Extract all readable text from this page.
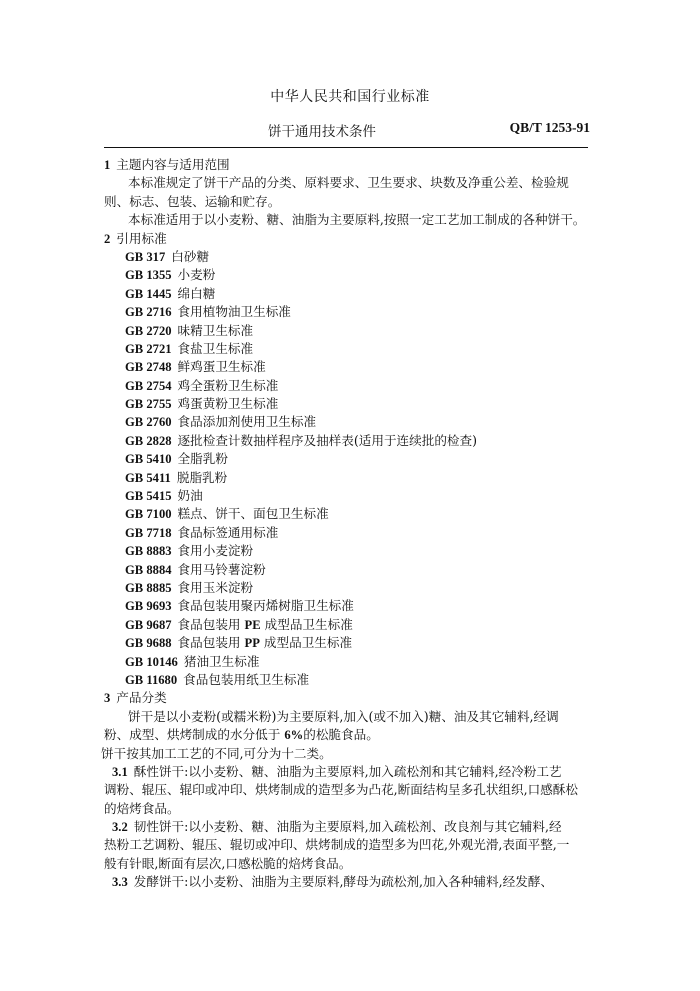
中华人民共和国行业标准
饼干通用技术条件	QB/T 1253-91
1 主题内容与适用范围
本标准规定了饼干产品的分类、原料要求、卫生要求、块数及净重公差、检验规
则、标志、包装、运输和贮存。
本标准适用于以小麦粉、糖、油脂为主要原料,按照一定工艺加工制成的各种饼干。
2 引用标准
GB 317 白砂糖
GB 1355 小麦粉
GB 1445 绵白糖
GB 2716 食用植物油卫生标准
GB 2720 味精卫生标准
GB 2721 食盐卫生标准
GB 2748 鲜鸡蛋卫生标准
GB 2754 鸡全蛋粉卫生标准
GB 2755 鸡蛋黄粉卫生标准
GB 2760 食品添加剂使用卫生标准
GB 2828 逐批检查计数抽样程序及抽样表(适用于连续批的检查)
GB 5410 全脂乳粉
GB 5411 脱脂乳粉
GB 5415 奶油
GB 7100 糕点、饼干、面包卫生标准
GB 7718 食品标签通用标准
GB 8883 食用小麦淀粉
GB 8884 食用马铃薯淀粉
GB 8885 食用玉米淀粉
GB 9693 食品包装用聚丙烯树脂卫生标准
GB 9687 食品包装用 PE 成型品卫生标准
GB 9688 食品包装用 PP 成型品卫生标准
GB 10146 猪油卫生标准
GB 11680 食品包装用纸卫生标准
3 产品分类
饼干是以小麦粉(或糯米粉)为主要原料,加入(或不加入)糖、油及其它辅料,经调
粉、成型、烘烤制成的水分低于 6%的松脆食品。
饼干按其加工工艺的不同,可分为十二类。
3.1 酥性饼干:以小麦粉、糖、油脂为主要原料,加入疏松剂和其它辅料,经冷粉工艺
调粉、辊压、辊印或冲印、烘烤制成的造型多为凸花,断面结构呈多孔状组织,口感酥松
的焙烤食品。
3.2 韧性饼干:以小麦粉、糖、油脂为主要原料,加入疏松剂、改良剂与其它辅料,经
热粉工艺调粉、辊压、辊切或冲印、烘烤制成的造型多为凹花,外观光滑,表面平整,一
般有针眼,断面有层次,口感松脆的焙烤食品。
3.3 发酵饼干:以小麦粉、油脂为主要原料,酵母为疏松剂,加入各种辅料,经发酵、
